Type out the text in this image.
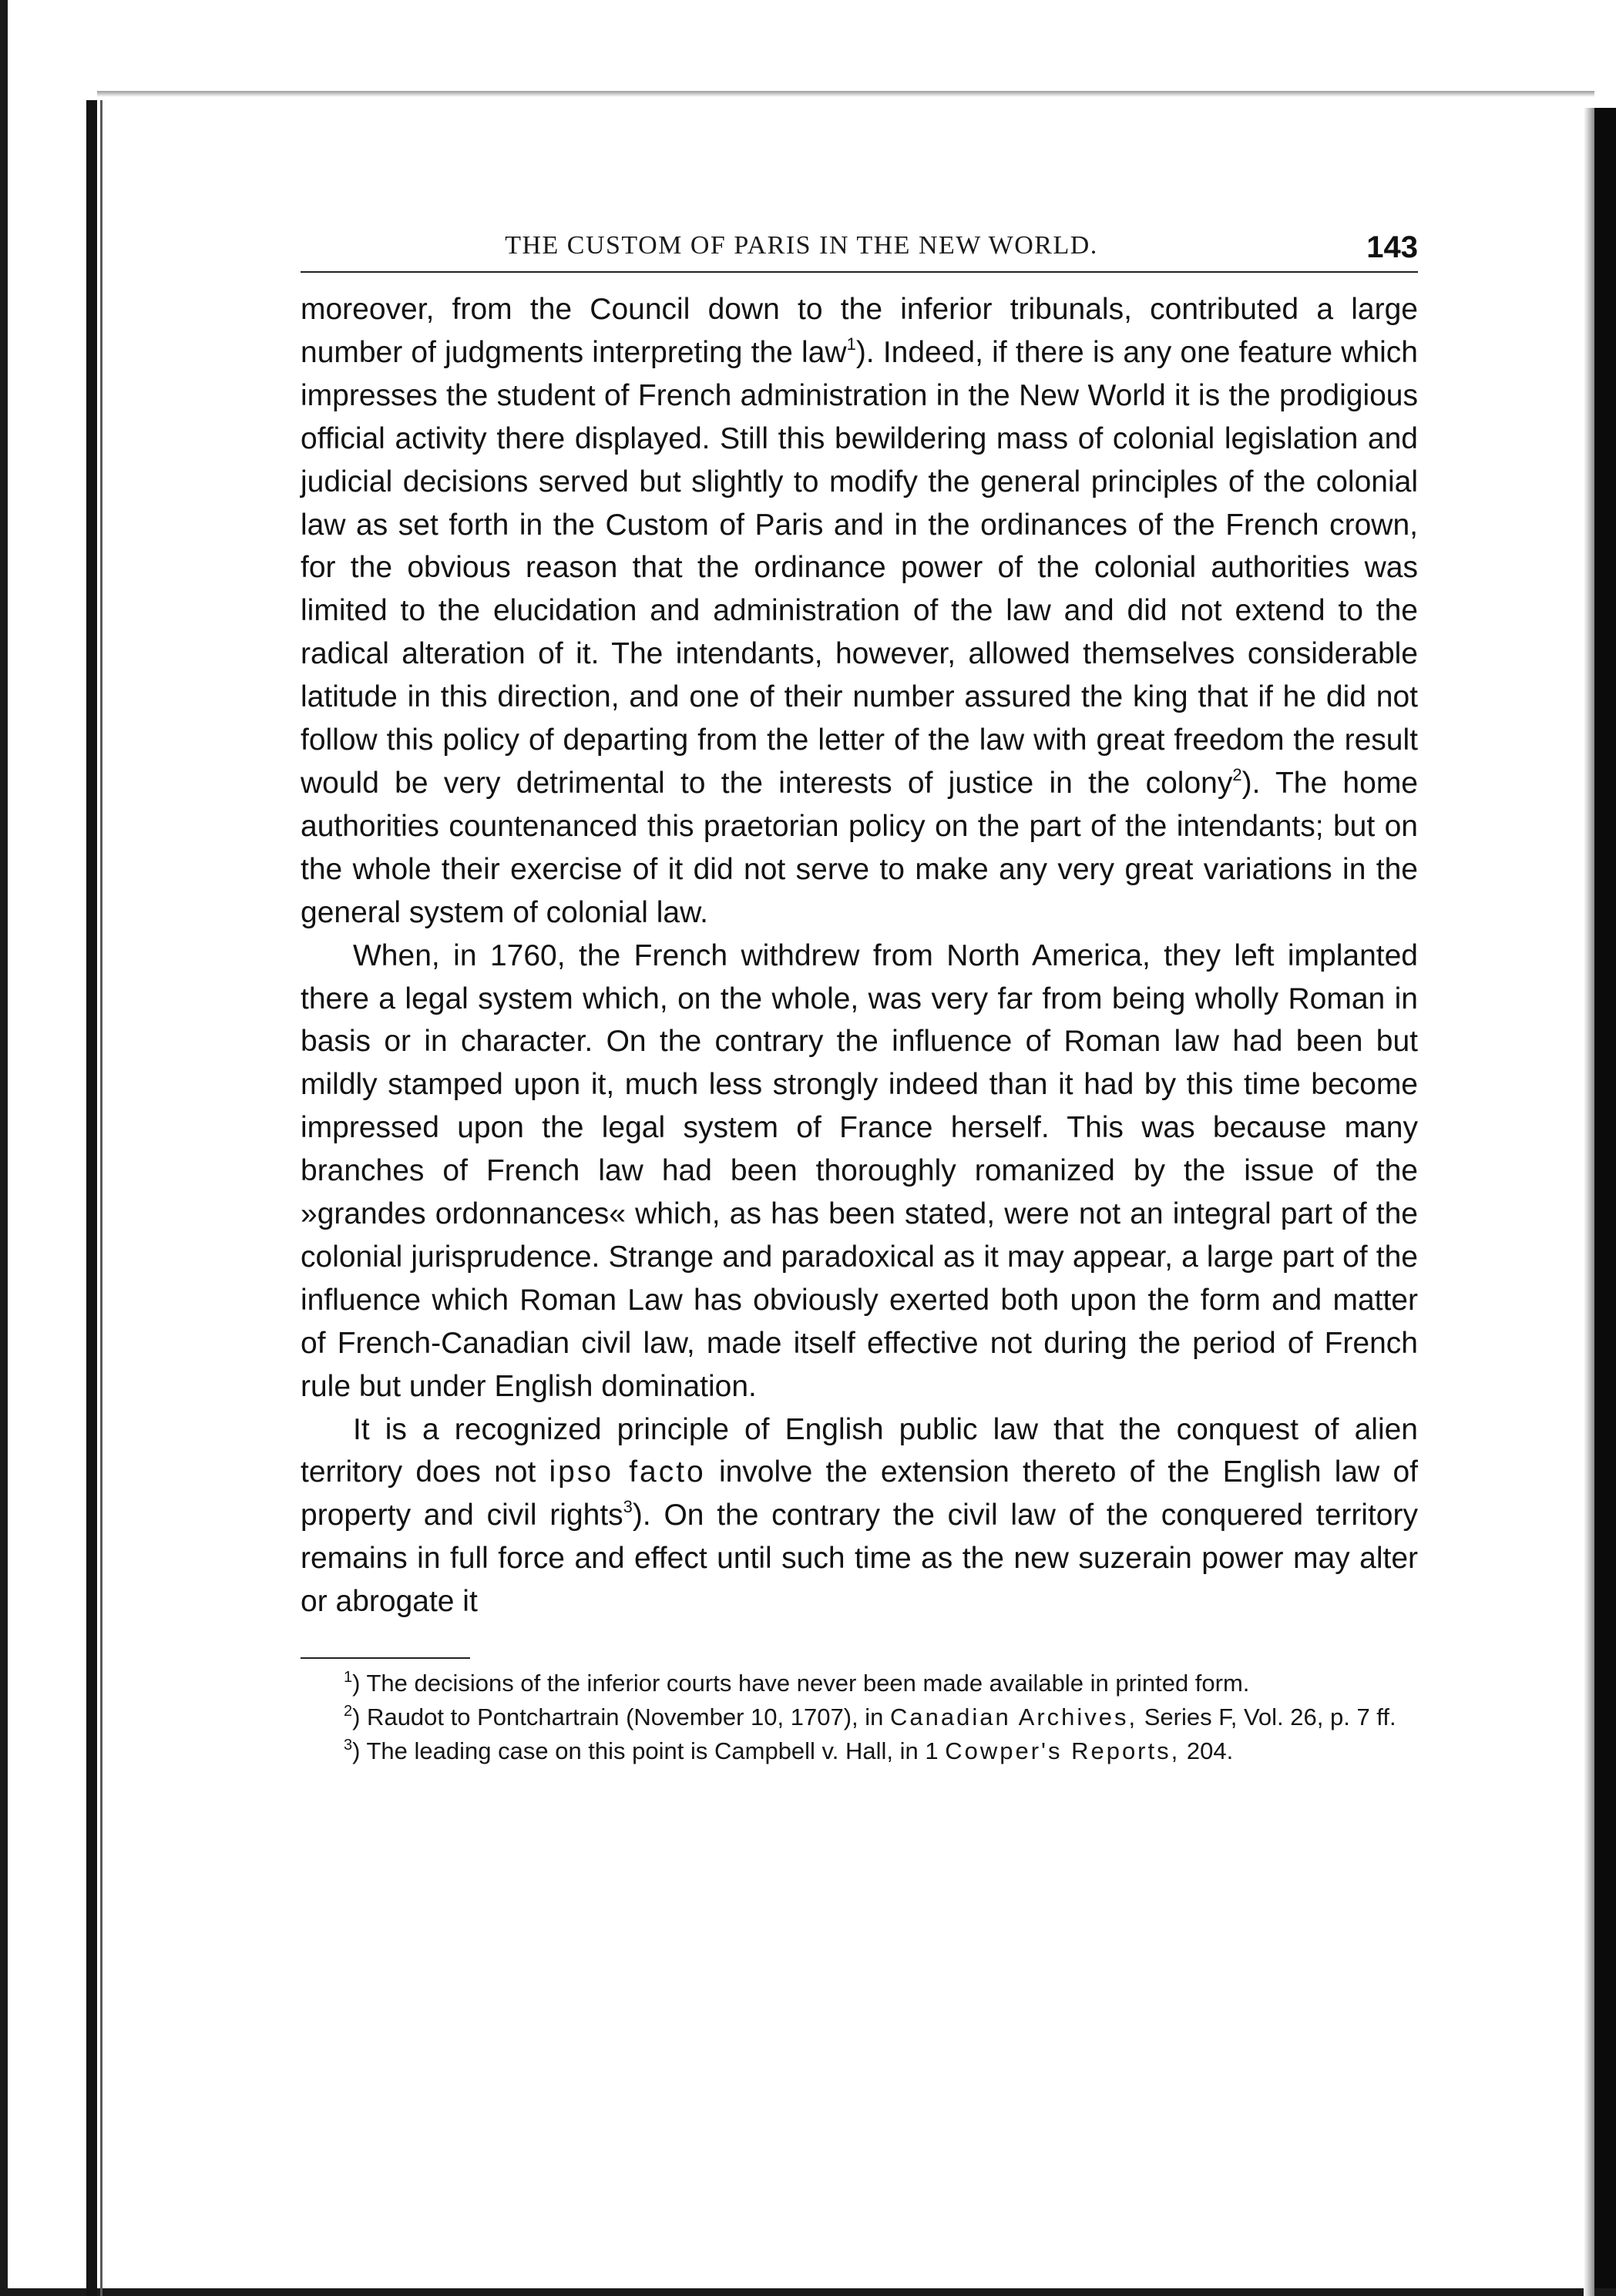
THE CUSTOM OF PARIS IN THE NEW WORLD.	143

moreover, from the Council down to the inferior tribunals, contributed a large number of judgments interpreting the law$^1$). Indeed, if there is any one feature which impresses the student of French administration in the New World it is the prodigious official activity there displayed. Still this bewildering mass of colonial legislation and judicial decisions served but slightly to modify the general principles of the colonial law as set forth in the Custom of Paris and in the ordinances of the French crown, for the obvious reason that the ordinance power of the colonial authorities was limited to the elucidation and administration of the law and did not extend to the radical alteration of it. The intendants, however, allowed themselves considerable latitude in this direction, and one of their number assured the king that if he did not follow this policy of departing from the letter of the law with great freedom the result would be very detrimental to the interests of justice in the colony$^2$). The home authorities countenanced this praetorian policy on the part of the intendants; but on the whole their exercise of it did not serve to make any very great variations in the general system of colonial law.

When, in 1760, the French withdrew from North America, they left implanted there a legal system which, on the whole, was very far from being wholly Roman in basis or in character. On the contrary the influence of Roman law had been but mildly stamped upon it, much less strongly indeed than it had by this time become impressed upon the legal system of France herself. This was because many branches of French law had been thoroughly romanized by the issue of the »grandes ordonnances« which, as has been stated, were not an integral part of the colonial jurisprudence. Strange and paradoxical as it may appear, a large part of the influence which Roman Law has obviously exerted both upon the form and matter of French-Canadian civil law, made itself effective not during the period of French rule but under English domination.

It is a recognized principle of English public law that the conquest of alien territory does not ipso facto involve the extension thereto of the English law of property and civil rights$^3$). On the contrary the civil law of the conquered territory remains in full force and effect until such time as the new suzerain power may alter or abrogate it

$^1$) The decisions of the inferior courts have never been made available in printed form.

$^2$) Raudot to Pontchartrain (November 10, 1707), in Canadian Archives, Series F, Vol. 26, p. 7 ff.

$^3$) The leading case on this point is Campbell v. Hall, in 1 Cowper's Reports, 204.
